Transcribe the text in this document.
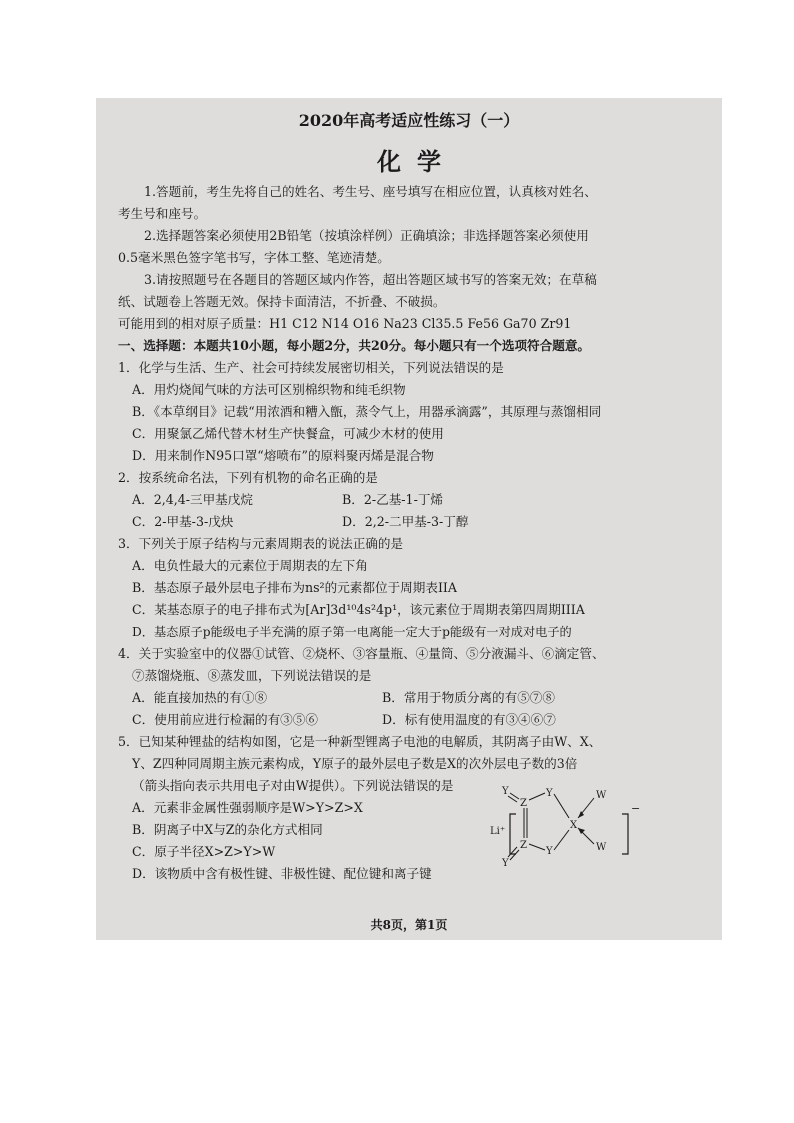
2020年高考适应性练习（一）
化学
1.答题前，考生先将自己的姓名、考生号、座号填写在相应位置，认真核对姓名、
考生号和座号。
2.选择题答案必须使用2B铅笔（按填涂样例）正确填涂；非选择题答案必须使用
0.5毫米黑色签字笔书写，字体工整、笔迹清楚。
3.请按照题号在各题目的答题区域内作答，超出答题区域书写的答案无效；在草稿
纸、试题卷上答题无效。保持卡面清洁，不折叠、不破损。
可能用到的相对原子质量：H1 C12 N14 O16 Na23 Cl35.5 Fe56 Ga70 Zr91
一、选择题：本题共10小题，每小题2分，共20分。每小题只有一个选项符合题意。
1．化学与生活、生产、社会可持续发展密切相关，下列说法错误的是
A．用灼烧闻气味的方法可区别棉织物和纯毛织物
B．《本草纲目》记载“用浓酒和糟入甑，蒸令气上，用器承滴露”，其原理与蒸馏相同
C．用聚氯乙烯代替木材生产快餐盒，可减少木材的使用
D．用来制作N95口罩“熔喷布”的原料聚丙烯是混合物
2．按系统命名法，下列有机物的命名正确的是
A．2,4,4-三甲基戊烷	B．2-乙基-1-丁烯
C．2-甲基-3-戊炔	D．2,2-二甲基-3-丁醇
3．下列关于原子结构与元素周期表的说法正确的是
A．电负性最大的元素位于周期表的左下角
B．基态原子最外层电子排布为ns²的元素都位于周期表IIA
C．某基态原子的电子排布式为[Ar]3d¹⁰4s²4p¹，该元素位于周期表第四周期IIIA
D．基态原子p能级电子半充满的原子第一电离能一定大于p能级有一对成对电子的
4．关于实验室中的仪器①试管、②烧杯、③容量瓶、④量筒、⑤分液漏斗、⑥滴定管、
⑦蒸馏烧瓶、⑧蒸发皿，下列说法错误的是
A．能直接加热的有①⑧	B．常用于物质分离的有⑤⑦⑧
C．使用前应进行检漏的有③⑤⑥	D．标有使用温度的有③④⑥⑦
5．已知某种锂盐的结构如图，它是一种新型锂离子电池的电解质，其阴离子由W、X、
Y、Z四种同周期主族元素构成，Y原子的最外层电子数是X的次外层电子数的3倍
（箭头指向表示共用电子对由W提供）。下列说法错误的是
A．元素非金属性强弱顺序是W>Y>Z>X
B．阴离子中X与Z的杂化方式相同
C．原子半径X>Z>Y>W
D．该物质中含有极性键、非极性键、配位键和离子键
Li⁺
−
Y
Z
Y
X
W
W
Z
Y
Y
共8页，第1页
